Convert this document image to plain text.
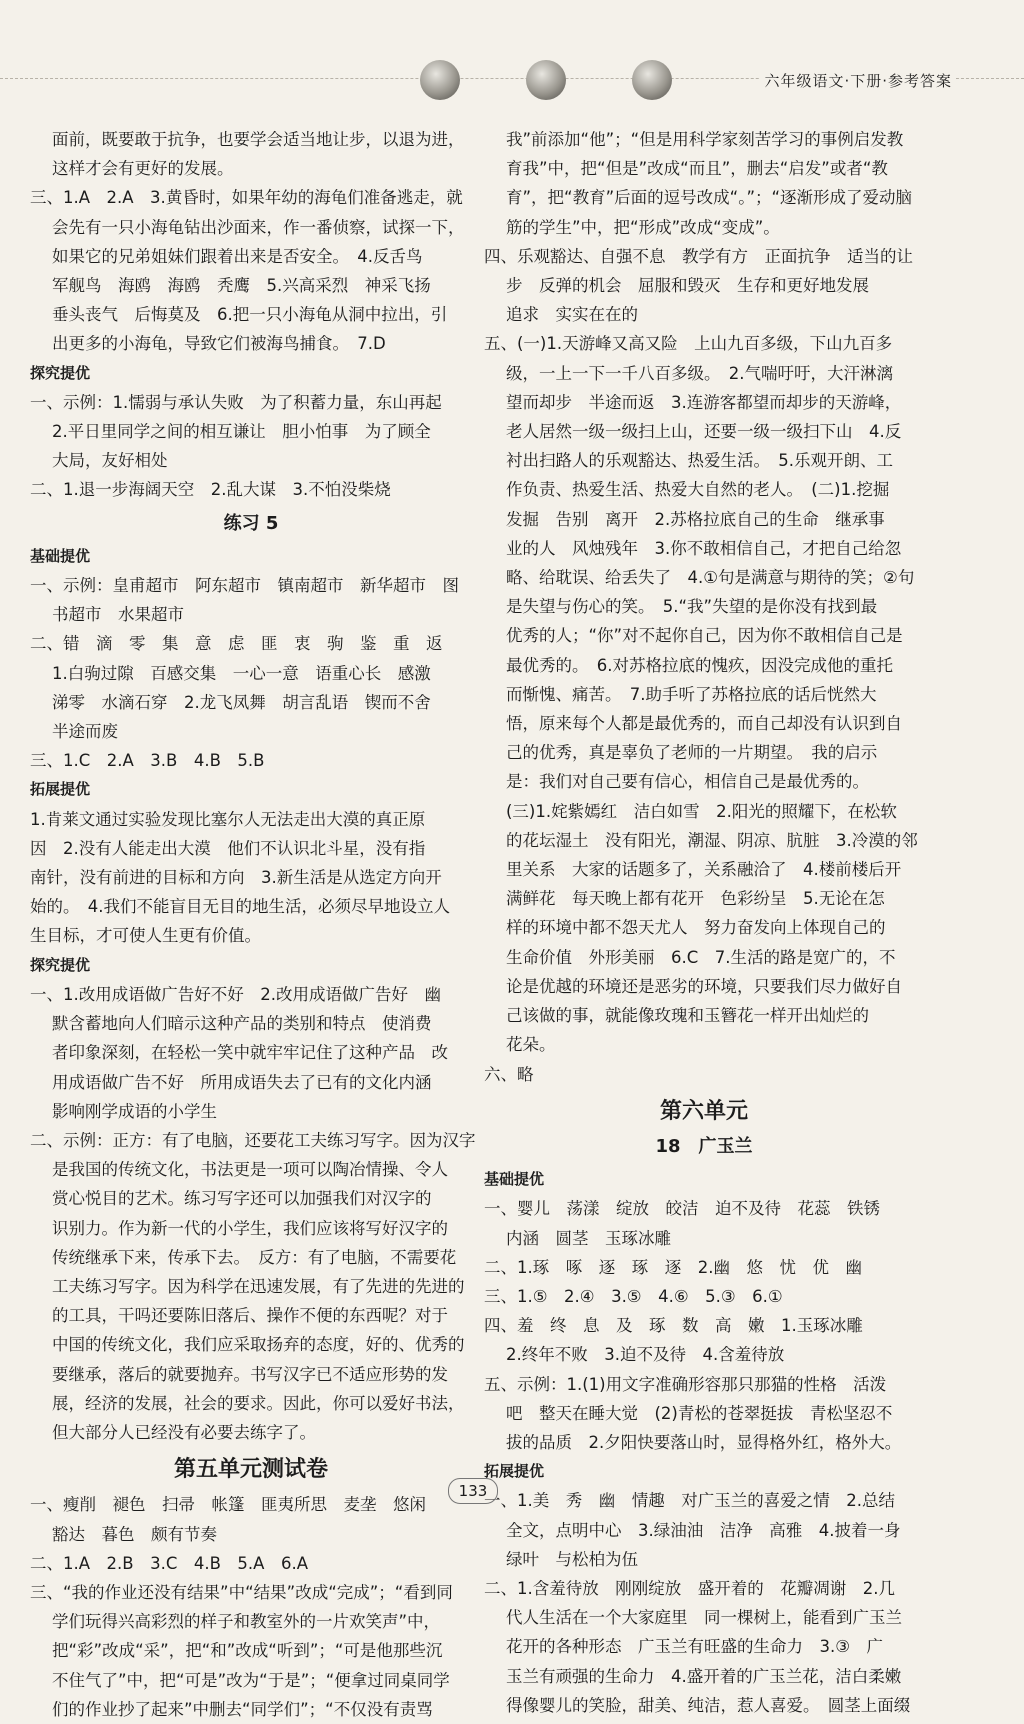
六年级语文·下册·参考答案
面前，既要敢于抗争，也要学会适当地让步，以退为进，
这样才会有更好的发展。
三、1.A　2.A　3.黄昏时，如果年幼的海龟们准备逃走，就
会先有一只小海龟钻出沙面来，作一番侦察，试探一下，
如果它的兄弟姐妹们跟着出来是否安全。　4.反舌鸟
军舰鸟　海鸥　海鸥　秃鹰　5.兴高采烈　神采飞扬
垂头丧气　后悔莫及　6.把一只小海龟从洞中拉出，引
出更多的小海龟，导致它们被海鸟捕食。　7.D
探究提优
一、示例：1.懦弱与承认失败　为了积蓄力量，东山再起
2.平日里同学之间的相互谦让　胆小怕事　为了顾全
大局，友好相处
二、1.退一步海阔天空　2.乱大谋　3.不怕没柴烧
练习 5
基础提优
一、示例：皇甫超市　阿东超市　镇南超市　新华超市　图
书超市　水果超市
二、错　滴　零　集　意　虑　匪　衷　驹　鉴　重　返
1.白驹过隙　百感交集　一心一意　语重心长　感激
涕零　水滴石穿　2.龙飞凤舞　胡言乱语　锲而不舍
半途而废
三、1.C　2.A　3.B　4.B　5.B
拓展提优
1.肯莱文通过实验发现比塞尔人无法走出大漠的真正原
因　2.没有人能走出大漠　他们不认识北斗星，没有指
南针，没有前进的目标和方向　3.新生活是从选定方向开
始的。　4.我们不能盲目无目的地生活，必须尽早地设立人
生目标，才可使人生更有价值。
探究提优
一、1.改用成语做广告好不好　2.改用成语做广告好　幽
默含蓄地向人们暗示这种产品的类别和特点　使消费
者印象深刻，在轻松一笑中就牢牢记住了这种产品　改
用成语做广告不好　所用成语失去了已有的文化内涵
影响刚学成语的小学生
二、示例：正方：有了电脑，还要花工夫练习写字。因为汉字
是我国的传统文化，书法更是一项可以陶冶情操、令人
赏心悦目的艺术。练习写字还可以加强我们对汉字的
识别力。作为新一代的小学生，我们应该将写好汉字的
传统继承下来，传承下去。　反方：有了电脑，不需要花
工夫练习写字。因为科学在迅速发展，有了先进的先进的
的工具，干吗还要陈旧落后、操作不便的东西呢？对于
中国的传统文化，我们应采取扬弃的态度，好的、优秀的
要继承，落后的就要抛弃。书写汉字已不适应形势的发
展，经济的发展，社会的要求。因此，你可以爱好书法，
但大部分人已经没有必要去练字了。
第五单元测试卷
一、瘦削　褪色　扫帚　帐篷　匪夷所思　麦垄　悠闲
豁达　暮色　颇有节奏
二、1.A　2.B　3.C　4.B　5.A　6.A
三、“我的作业还没有结果”中“结果”改成“完成”；“看到同
学们玩得兴高彩烈的样子和教室外的一片欢笑声”中，
把“彩”改成“采”，把“和”改成“听到”；“可是他那些沉
不住气了”中，把“可是”改为“于是”；“便拿过同桌同学
们的作业抄了起来”中删去“同学们”；“不仅没有责骂
我”前添加“他”；“但是用科学家刻苦学习的事例启发教
育我”中，把“但是”改成“而且”，删去“启发”或者“教
育”，把“教育”后面的逗号改成“。”；“逐渐形成了爱动脑
筋的学生”中，把“形成”改成“变成”。
四、乐观豁达、自强不息　教学有方　正面抗争　适当的让
步　反弹的机会　屈服和毁灭　生存和更好地发展
追求　实实在在的
五、(一)1.天游峰又高又险　上山九百多级，下山九百多
级，一上一下一千八百多级。　2.气喘吁吁，大汗淋漓
望而却步　半途而返　3.连游客都望而却步的天游峰，
老人居然一级一级扫上山，还要一级一级扫下山　4.反
衬出扫路人的乐观豁达、热爱生活。　5.乐观开朗、工
作负责、热爱生活、热爱大自然的老人。　(二)1.挖掘
发掘　告别　离开　2.苏格拉底自己的生命　继承事
业的人　风烛残年　3.你不敢相信自己，才把自己给忽
略、给耽误、给丢失了　4.①句是满意与期待的笑；②句
是失望与伤心的笑。　5.“我”失望的是你没有找到最
优秀的人；“你”对不起你自己，因为你不敢相信自己是
最优秀的。　6.对苏格拉底的愧疚，因没完成他的重托
而惭愧、痛苦。　7.助手听了苏格拉底的话后恍然大
悟，原来每个人都是最优秀的，而自己却没有认识到自
己的优秀，真是辜负了老师的一片期望。　我的启示
是：我们对自己要有信心，相信自己是最优秀的。
(三)1.姹紫嫣红　洁白如雪　2.阳光的照耀下，在松软
的花坛湿土　没有阳光，潮湿、阴凉、肮脏　3.冷漠的邻
里关系　大家的话题多了，关系融洽了　4.楼前楼后开
满鲜花　每天晚上都有花开　色彩纷呈　5.无论在怎
样的环境中都不怨天尤人　努力奋发向上体现自己的
生命价值　外形美丽　6.C　7.生活的路是宽广的，不
论是优越的环境还是恶劣的环境，只要我们尽力做好自
己该做的事，就能像玫瑰和玉簪花一样开出灿烂的
花朵。
六、略
第六单元
18　广玉兰
基础提优
一、婴儿　荡漾　绽放　皎洁　迫不及待　花蕊　铁锈
内涵　圆茎　玉琢冰雕
二、1.琢　啄　逐　琢　逐　2.幽　悠　忧　优　幽
三、1.⑤　2.④　3.⑤　4.⑥　5.③　6.①
四、羞　终　息　及　琢　数　高　嫩　1.玉琢冰雕
2.终年不败　3.迫不及待　4.含羞待放
五、示例：1.(1)用文字准确形容那只那猫的性格　活泼
吧　整天在睡大觉　(2)青松的苍翠挺拔　青松坚忍不
拔的品质　2.夕阳快要落山时，显得格外红，格外大。
拓展提优
一、1.美　秀　幽　情趣　对广玉兰的喜爱之情　2.总结
全文，点明中心　3.绿油油　洁净　高雅　4.披着一身
绿叶　与松柏为伍
二、1.含羞待放　刚刚绽放　盛开着的　花瓣凋谢　2.几
代人生活在一个大家庭里　同一棵树上，能看到广玉兰
花开的各种形态　广玉兰有旺盛的生命力　3.③　广
玉兰有顽强的生命力　4.盛开着的广玉兰花，洁白柔嫩
得像婴儿的笑脸，甜美、纯洁，惹人喜爱。　圆茎上面缀
133
